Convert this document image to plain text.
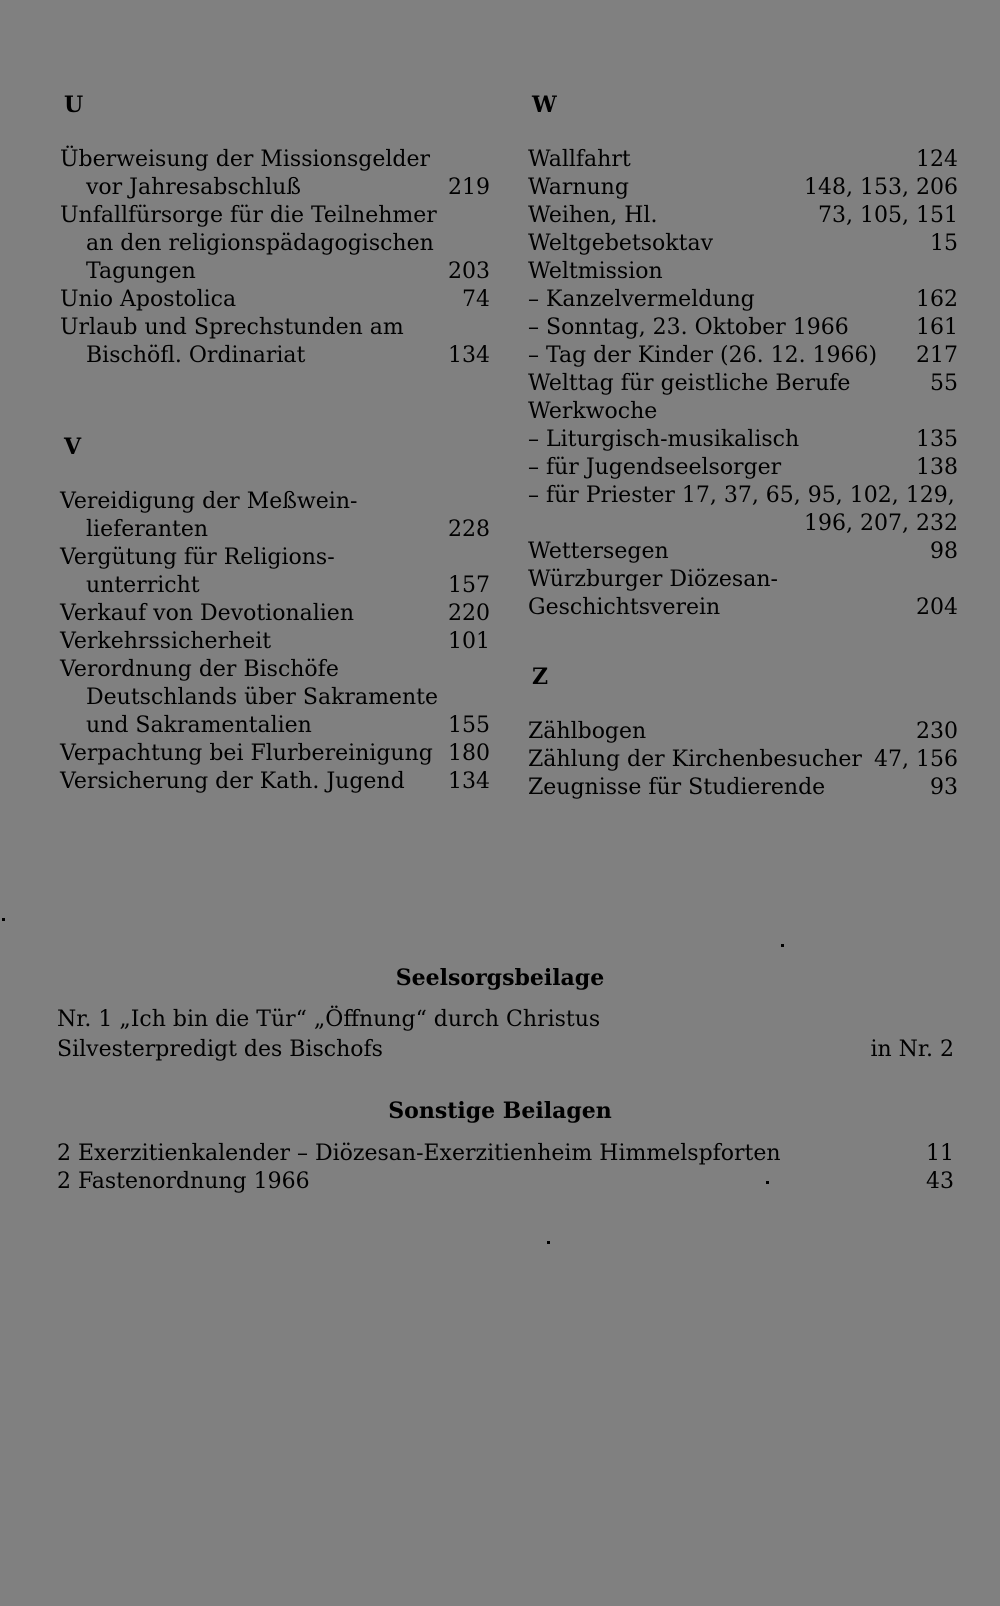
U
Überweisung der Missionsgelder
vor Jahresabschluß	219
Unfallfürsorge für die Teilnehmer
an den religionspädagogischen
Tagungen	203
Unio Apostolica	74
Urlaub und Sprechstunden am
Bischöfl. Ordinariat	134
V
Vereidigung der Meßwein-
lieferanten	228
Vergütung für Religions-
unterricht	157
Verkauf von Devotionalien	220
Verkehrssicherheit	101
Verordnung der Bischöfe
Deutschlands über Sakramente
und Sakramentalien	155
Verpachtung bei Flurbereinigung 180
Versicherung der Kath. Jugend 134
W
Wallfahrt	124
Warnung	148, 153, 206
Weihen, Hl.	73, 105, 151
Weltgebetsoktav	15
Weltmission
– Kanzelvermeldung	162
– Sonntag, 23. Oktober 1966	161
– Tag der Kinder (26. 12. 1966) 217
Welttag für geistliche Berufe	55
Werkwoche
– Liturgisch-musikalisch	135
– für Jugendseelsorger	138
– für Priester 17, 37, 65, 95, 102, 129,
196, 207, 232
Wettersegen	98
Würzburger Diözesan-
Geschichtsverein	204
Z
Zählbogen	230
Zählung der Kirchenbesucher 47, 156
Zeugnisse für Studierende	93
Seelsorgsbeilage
Nr. 1 „Ich bin die Tür“ „Öffnung“ durch Christus
Silvesterpredigt des Bischofs	in Nr. 2
Sonstige Beilagen
2 Exerzitienkalender – Diözesan-Exerzitienheim Himmelspforten	11
2 Fastenordnung 1966	43
